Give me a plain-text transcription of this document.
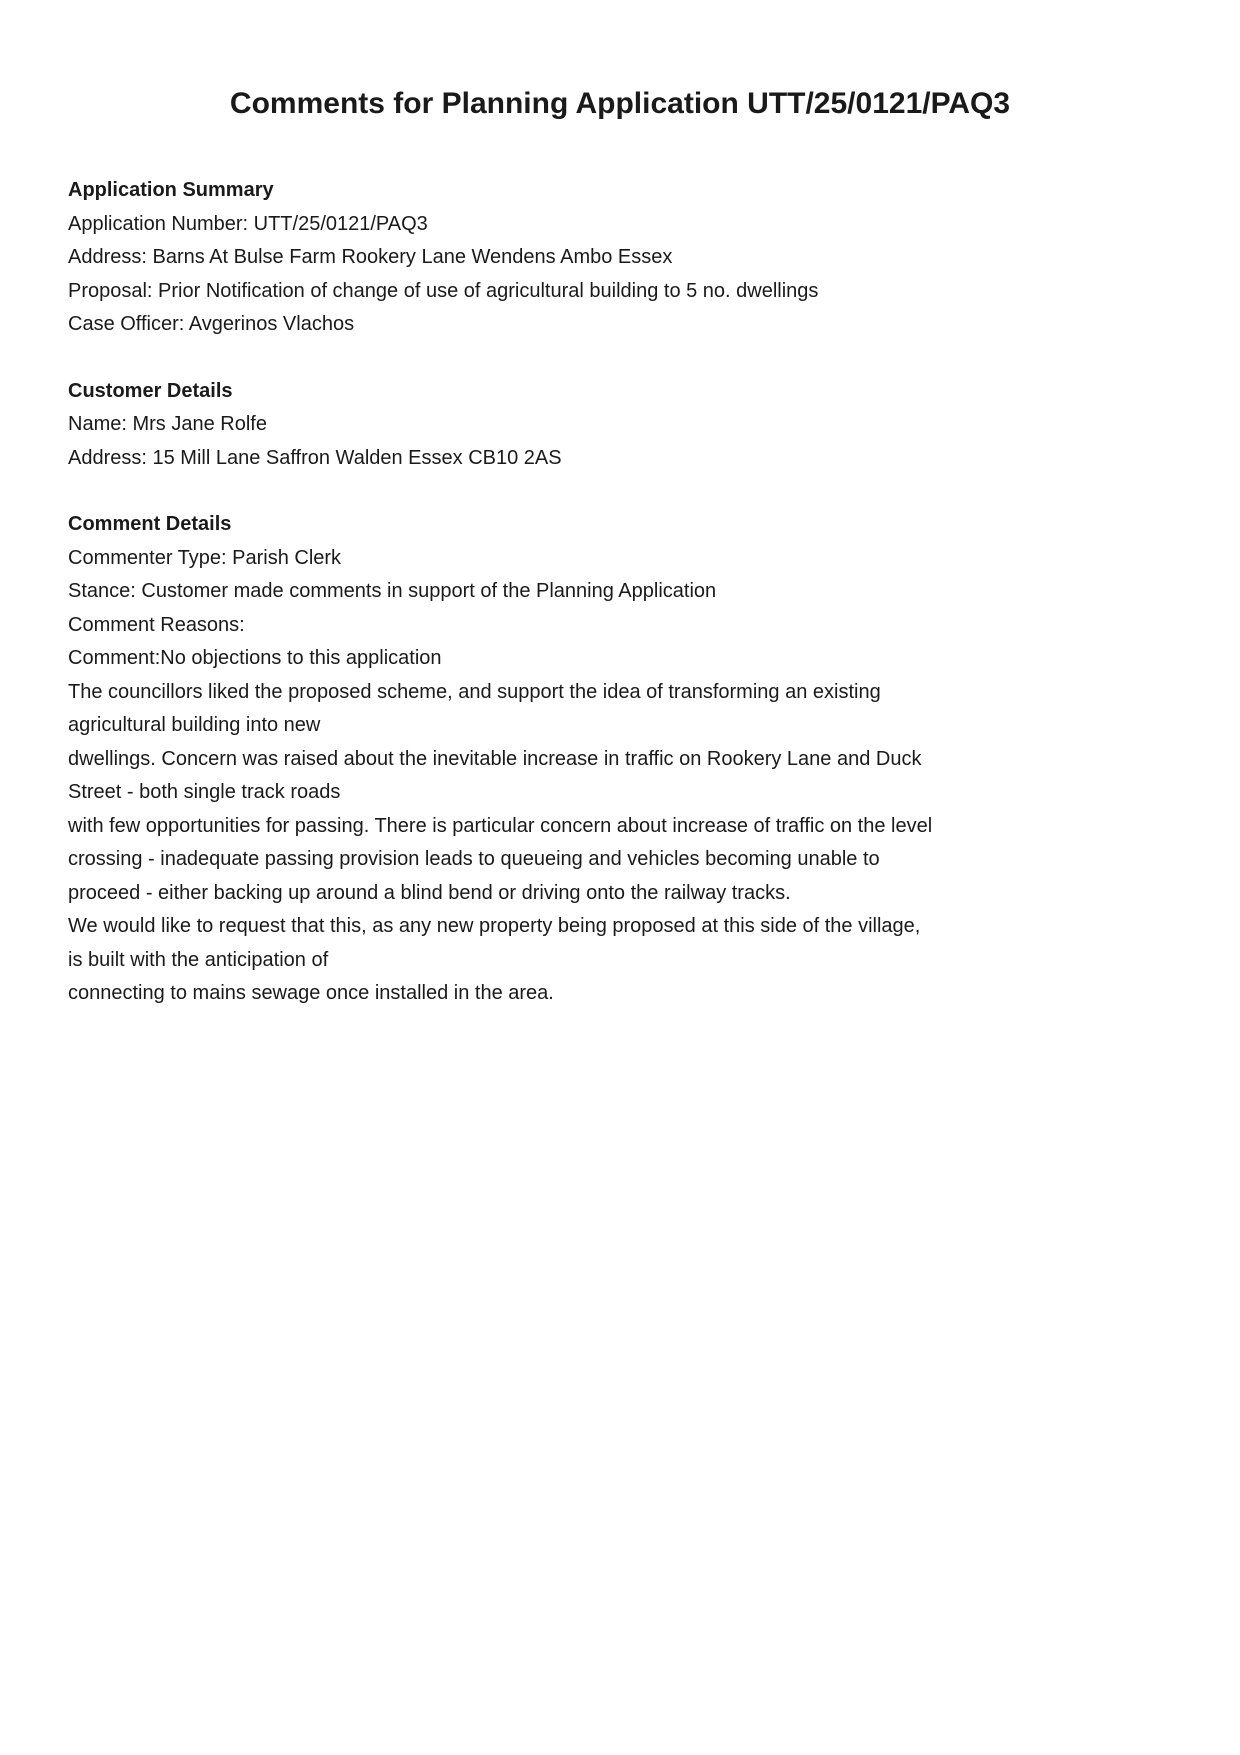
Comments for Planning Application UTT/25/0121/PAQ3
Application Summary

Application Number: UTT/25/0121/PAQ3

Address: Barns At Bulse Farm Rookery Lane Wendens Ambo Essex

Proposal: Prior Notification of change of use of agricultural building to 5 no. dwellings

Case Officer: Avgerinos Vlachos

Customer Details

Name: Mrs Jane Rolfe

Address: 15 Mill Lane Saffron Walden Essex CB10 2AS

Comment Details

Commenter Type: Parish Clerk

Stance: Customer made comments in support of the Planning Application

Comment Reasons:

Comment:No objections to this application

The councillors liked the proposed scheme, and support the idea of transforming an existing

agricultural building into new

dwellings. Concern was raised about the inevitable increase in traffic on Rookery Lane and Duck

Street - both single track roads

with few opportunities for passing. There is particular concern about increase of traffic on the level

crossing - inadequate passing provision leads to queueing and vehicles becoming unable to

proceed - either backing up around a blind bend or driving onto the railway tracks.

We would like to request that this, as any new property being proposed at this side of the village,

is built with the anticipation of

connecting to mains sewage once installed in the area.
